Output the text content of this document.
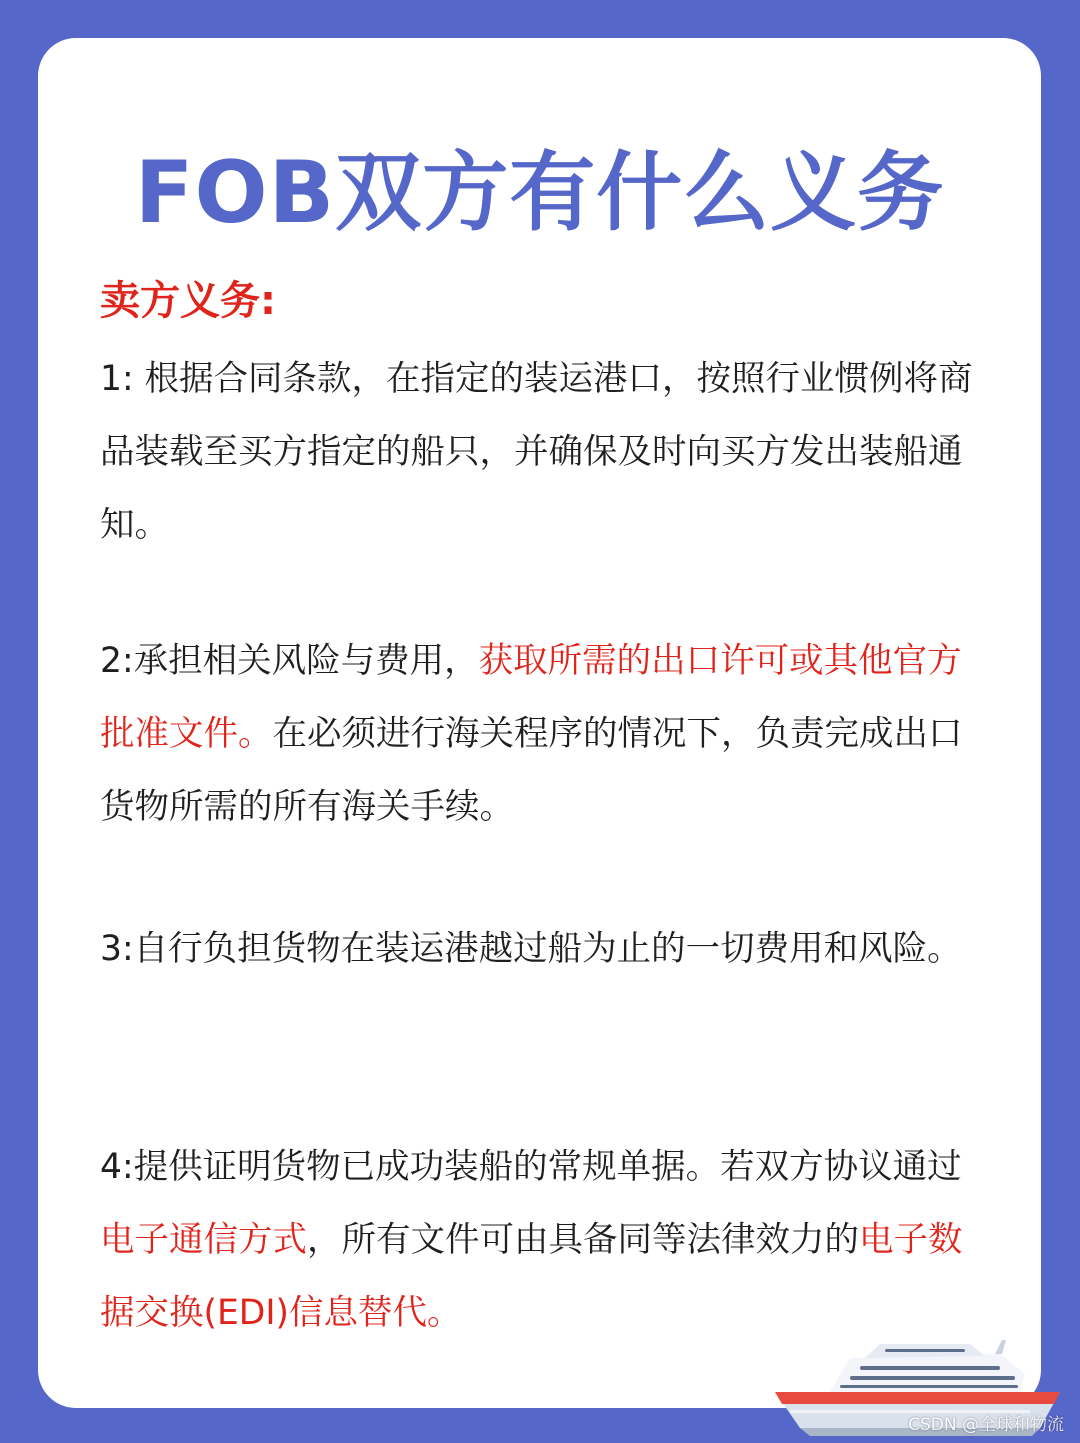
FOB双方有什么义务
卖方义务:

1: 根据合同条款，在指定的装运港口，按照行业惯例将商品装载至买方指定的船只，并确保及时向买方发出装船通知。

2:承担相关风险与费用，获取所需的出口许可或其他官方批准文件。在必须进行海关程序的情况下，负责完成出口货物所需的所有海关手续。

3:自行负担货物在装运港越过船为止的一切费用和风险。

4:提供证明货物已成功装船的常规单据。若双方协议通过电子通信方式，所有文件可由具备同等法律效力的电子数据交换(EDI)信息替代。

CSDN @全球和物流
